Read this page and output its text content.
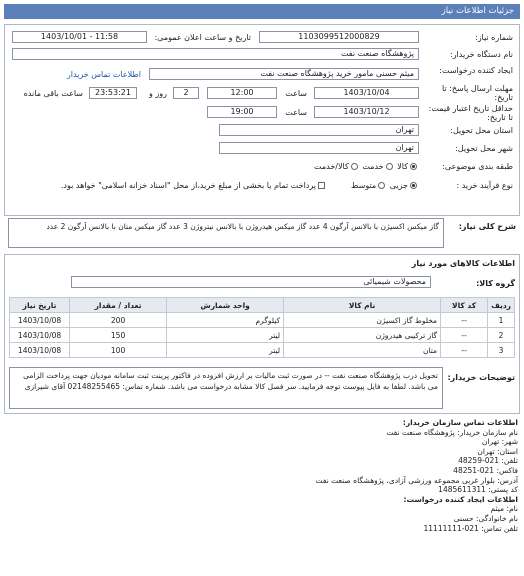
جزئیات اطلاعات نیاز
شماره نیاز:
1103099512000829
تاریخ و ساعت اعلان عمومی:
1403/10/01 - 11:58
نام دستگاه خریدار:
پژوهشگاه صنعت نفت
ایجاد کننده درخواست:
میثم حسنی مامور خرید پژوهشگاه صنعت نفت
اطلاعات تماس خریدار
مهلت ارسال پاسخ: تا تاریخ:
1403/10/04
ساعت
12:00
2
روز و
23:53:21
ساعت باقی مانده
حداقل تاریخ اعتبار قیمت: تا تاریخ:
1403/10/12
ساعت
19:00
استان محل تحویل:
تهران
شهر محل تحویل:
تهران
طبقه بندی موضوعی:
کالا خدمت کالا/خدمت
نوع فرآیند خرید :
جزیی متوسط
پرداخت تمام یا بخشی از مبلغ خرید،از محل "اسناد خزانه اسلامی" خواهد بود.
شرح کلی نیاز:
گاز میکس اکسیژن با بالانس آرگون 4 عدد گاز میکس هیدروژن با بالانس نیتروژن 3 عدد گاز میکس متان با بالانس آرگون 2 عدد
اطلاعات کالاهای مورد نیاز
گروه کالا:
محصولات شیمیائی
ردیف	کد کالا	نام کالا	واحد شمارش	تعداد / مقدار	تاریخ نیاز
1	--	مخلوط گاز اکسیژن	کیلوگرم	200	1403/10/08
2	--	گاز ترکیبی هیدروژن	لیتر	150	1403/10/08
3	--	متان	لیتر	100	1403/10/08
توضیحات خریدار:
تحویل درب پژوهشگاه صنعت نفت -- در صورت ثبت مالیات بر ارزش افزوده در فاکتور پرینت ثبت سامانه مودیان جهت پرداخت الزامی می باشد. لطفا به فایل پیوست توجه فرمایید. سر فصل کالا مشابه درخواست می باشد. شماره تماس: 02148255465 آقای شیرازی
اطلاعات تماس سازمان خریدار:
نام سازمان خریدار: پژوهشگاه صنعت نفت
شهر: تهران
استان: تهران
تلفن: 021-48259
فاکس: 021-48251
آدرس: بلوار غربی مجموعه ورزشی آزادی، پژوهشگاه صنعت نفت
کد پستی: 1485611311
اطلاعات ایجاد کننده درخواست:
نام: میثم
نام خانوادگی: حسنی
تلفن تماس: 021-11111111
